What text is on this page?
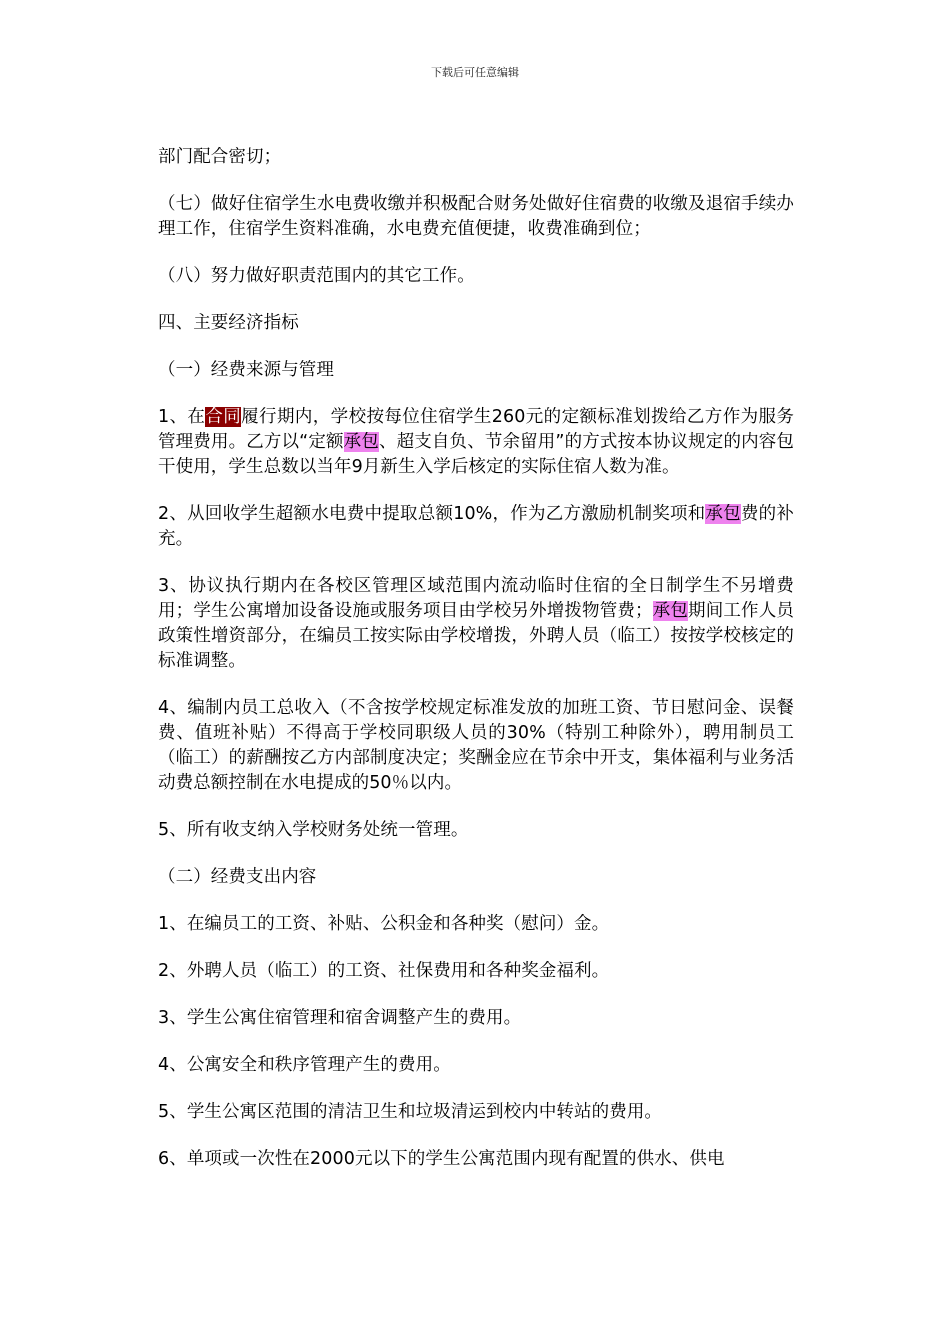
下载后可任意编辑

部门配合密切；

（七）做好住宿学生水电费收缴并积极配合财务处做好住宿费的收缴及退宿手续办理工作，住宿学生资料准确，水电费充值便捷，收费准确到位；

（八）努力做好职责范围内的其它工作。

四、主要经济指标

（一）经费来源与管理

1、在合同履行期内，学校按每位住宿学生260元的定额标准划拨给乙方作为服务管理费用。乙方以“定额承包、超支自负、节余留用”的方式按本协议规定的内容包干使用，学生总数以当年9月新生入学后核定的实际住宿人数为准。

2、从回收学生超额水电费中提取总额10%，作为乙方激励机制奖项和承包费的补充。

3、协议执行期内在各校区管理区域范围内流动临时住宿的全日制学生不另增费用；学生公寓增加设备设施或服务项目由学校另外增拨物管费；承包期间工作人员政策性增资部分，在编员工按实际由学校增拨，外聘人员（临工）按按学校核定的标准调整。

4、编制内员工总收入（不含按学校规定标准发放的加班工资、节日慰问金、误餐费、值班补贴）不得高于学校同职级人员的30%（特别工种除外），聘用制员工（临工）的薪酬按乙方内部制度决定；奖酬金应在节余中开支，集体福利与业务活动费总额控制在水电提成的50％以内。

5、所有收支纳入学校财务处统一管理。

（二）经费支出内容

1、在编员工的工资、补贴、公积金和各种奖（慰问）金。

2、外聘人员（临工）的工资、社保费用和各种奖金福利。

3、学生公寓住宿管理和宿舍调整产生的费用。

4、公寓安全和秩序管理产生的费用。

5、学生公寓区范围的清洁卫生和垃圾清运到校内中转站的费用。

6、单项或一次性在2000元以下的学生公寓范围内现有配置的供水、供电
